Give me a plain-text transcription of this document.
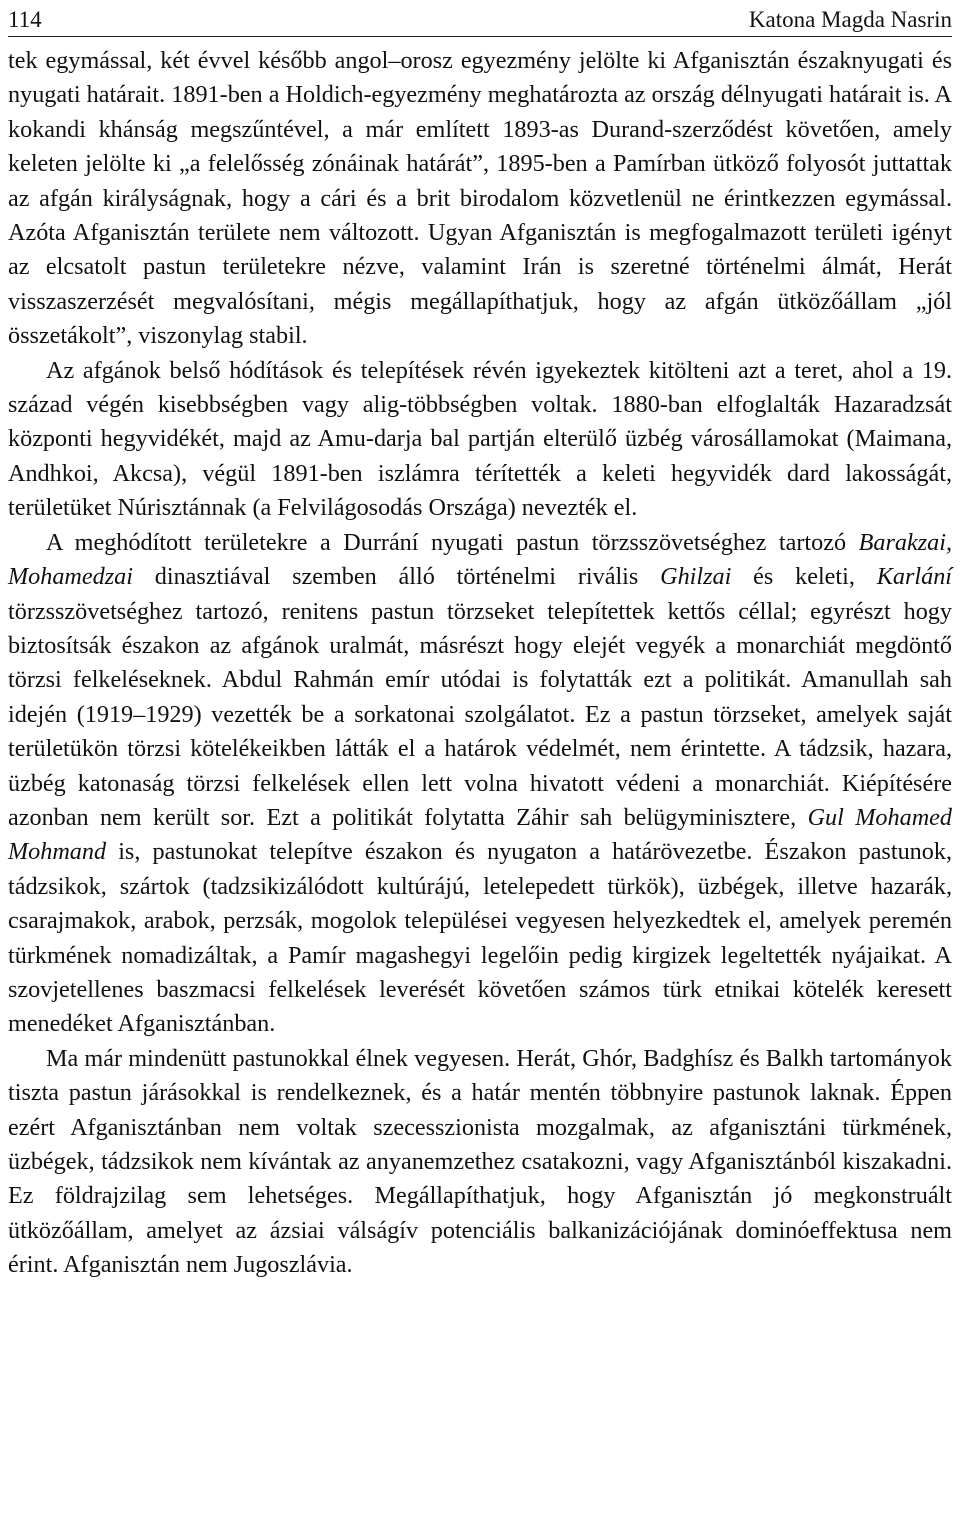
114	Katona Magda Nasrin

tek egymással, két évvel később angol–orosz egyezmény jelölte ki Afganisztán északnyugati és nyugati határait. 1891-ben a Holdich-egyezmény meghatározta az ország délnyugati határait is. A kokandi khánság megszűntével, a már említett 1893-as Durand-szerződést követően, amely keleten jelölte ki „a felelősség zónáinak határát”, 1895-ben a Pamírban ütköző folyosót juttattak az afgán királyságnak, hogy a cári és a brit birodalom közvetlenül ne érintkezzen egymással. Azóta Afganisztán területe nem változott. Ugyan Afganisztán is megfogalmazott területi igényt az elcsatolt pastun területekre nézve, valamint Irán is szeretné történelmi álmát, Herát visszaszerzését megvalósítani, mégis megállapíthatjuk, hogy az afgán ütközőállam „jól összetákolt”, viszonylag stabil.

Az afgánok belső hódítások és telepítések révén igyekeztek kitölteni azt a teret, ahol a 19. század végén kisebbségben vagy alig-többségben voltak. 1880-ban elfoglalták Hazaradzsát központi hegyvidékét, majd az Amu-darja bal partján elterülő üzbég városállamokat (Maimana, Andhkoi, Akcsa), végül 1891-ben iszlámra térítették a keleti hegyvidék dard lakosságát, területüket Núrisztánnak (a Felvilágosodás Országa) nevezték el.

A meghódított területekre a Durrání nyugati pastun törzsszövetséghez tartozó Barakzai, Mohamedzai dinasztiával szemben álló történelmi rivális Ghilzai és keleti, Karlání törzsszövetséghez tartozó, renitens pastun törzseket telepítettek kettős céllal; egyrészt hogy biztosítsák északon az afgánok uralmát, másrészt hogy elejét vegyék a monarchiát megdöntő törzsi felkeléseknek. Abdul Rahmán emír utódai is folytatták ezt a politikát. Amanullah sah idején (1919–1929) vezették be a sorkatonai szolgálatot. Ez a pastun törzseket, amelyek saját területükön törzsi kötelékeikben látták el a határok védelmét, nem érintette. A tádzsik, hazara, üzbég katonaság törzsi felkelések ellen lett volna hivatott védeni a monarchiát. Kiépítésére azonban nem került sor. Ezt a politikát folytatta Záhir sah belügyminisztere, Gul Mohamed Mohmand is, pastunokat telepítve északon és nyugaton a határövezetbe. Északon pastunok, tádzsikok, szártok (tadzsikizálódott kultúrájú, letelepedett türkök), üzbégek, illetve hazarák, csarajmakok, arabok, perzsák, mogolok települései vegyesen helyezkedtek el, amelyek peremén türkmének nomadizáltak, a Pamír magashegyi legelőin pedig kirgizek legeltették nyájaikat. A szovjetellenes baszmacsi felkelések leverését követően számos türk etnikai kötelék keresett menedéket Afganisztánban.

Ma már mindenütt pastunokkal élnek vegyesen. Herát, Ghór, Badghísz és Balkh tartományok tiszta pastun járásokkal is rendelkeznek, és a határ mentén többnyire pastunok laknak. Éppen ezért Afganisztánban nem voltak szecesszionista mozgalmak, az afganisztáni türkmének, üzbégek, tádzsikok nem kívántak az anyanemzethez csatakozni, vagy Afganisztánból kiszakadni. Ez földrajzilag sem lehetséges. Megállapíthatjuk, hogy Afganisztán jó megkonstruált ütközőállam, amelyet az ázsiai válságív potenciális balkanizációjának dominóeffektusa nem érint. Afganisztán nem Jugoszlávia.
